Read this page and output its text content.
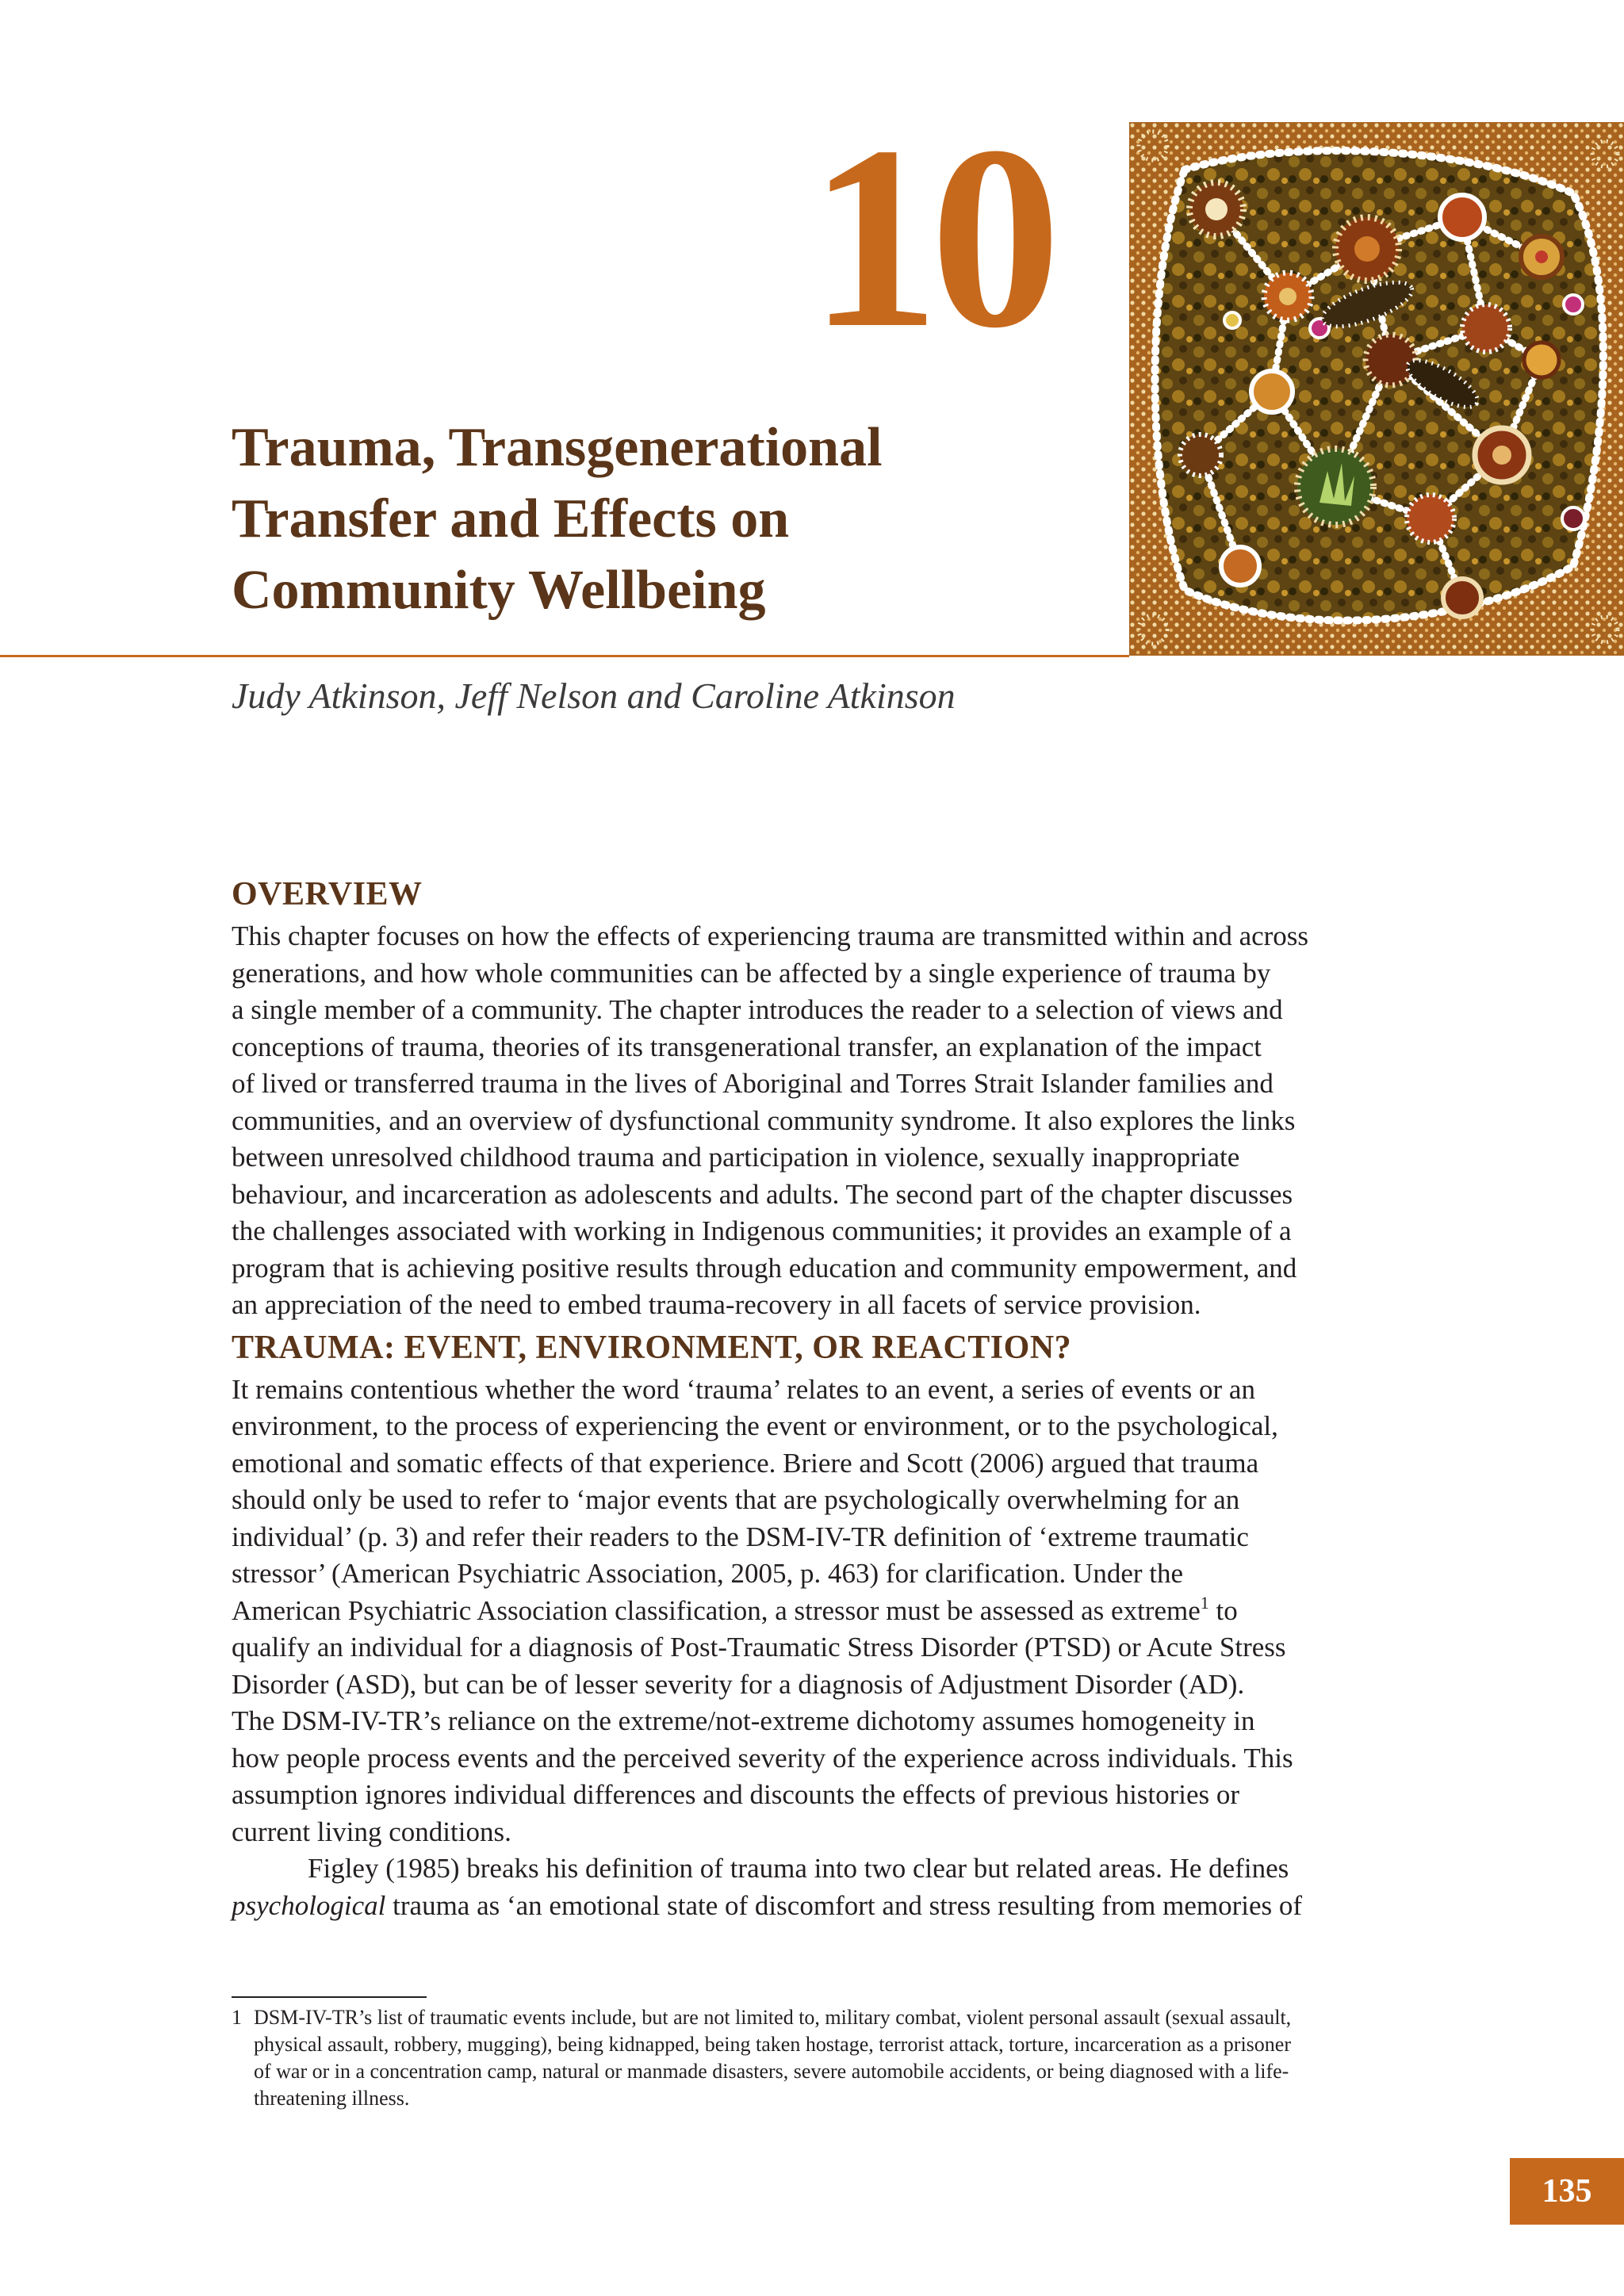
10
Trauma, Transgenerational
Transfer and Effects on
Community Wellbeing
Judy Atkinson, Jeff Nelson and Caroline Atkinson
OVERVIEW

This chapter focuses on how the effects of experiencing trauma are transmitted within and across
generations, and how whole communities can be affected by a single experience of trauma by
a single member of a community. The chapter introduces the reader to a selection of views and
conceptions of trauma, theories of its transgenerational transfer, an explanation of the impact
of lived or transferred trauma in the lives of Aboriginal and Torres Strait Islander families and
communities, and an overview of dysfunctional community syndrome. It also explores the links
between unresolved childhood trauma and participation in violence, sexually inappropriate
behaviour, and incarceration as adolescents and adults. The second part of the chapter discusses
the challenges associated with working in Indigenous communities; it provides an example of a
program that is achieving positive results through education and community empowerment, and
an appreciation of the need to embed trauma-recovery in all facets of service provision.

TRAUMA: EVENT, ENVIRONMENT, OR REACTION?

It remains contentious whether the word ‘trauma’ relates to an event, a series of events or an
environment, to the process of experiencing the event or environment, or to the psychological,
emotional and somatic effects of that experience. Briere and Scott (2006) argued that trauma
should only be used to refer to ‘major events that are psychologically overwhelming for an
individual’ (p. 3) and refer their readers to the DSM-IV-TR definition of ‘extreme traumatic
stressor’ (American Psychiatric Association, 2005, p. 463) for clarification. Under the
American Psychiatric Association classification, a stressor must be assessed as extreme$^1$ to
qualify an individual for a diagnosis of Post-Traumatic Stress Disorder (PTSD) or Acute Stress
Disorder (ASD), but can be of lesser severity for a diagnosis of Adjustment Disorder (AD).
The DSM-IV-TR’s reliance on the extreme/not-extreme dichotomy assumes homogeneity in
how people process events and the perceived severity of the experience across individuals. This
assumption ignores individual differences and discounts the effects of previous histories or
current living conditions.

Figley (1985) breaks his definition of trauma into two clear but related areas. He defines
psychological trauma as ‘an emotional state of discomfort and stress resulting from memories of

1 DSM-IV-TR’s list of traumatic events include, but are not limited to, military combat, violent personal assault (sexual assault,
physical assault, robbery, mugging), being kidnapped, being taken hostage, terrorist attack, torture, incarceration as a prisoner
of war or in a concentration camp, natural or manmade disasters, severe automobile accidents, or being diagnosed with a life-
threatening illness.
135
